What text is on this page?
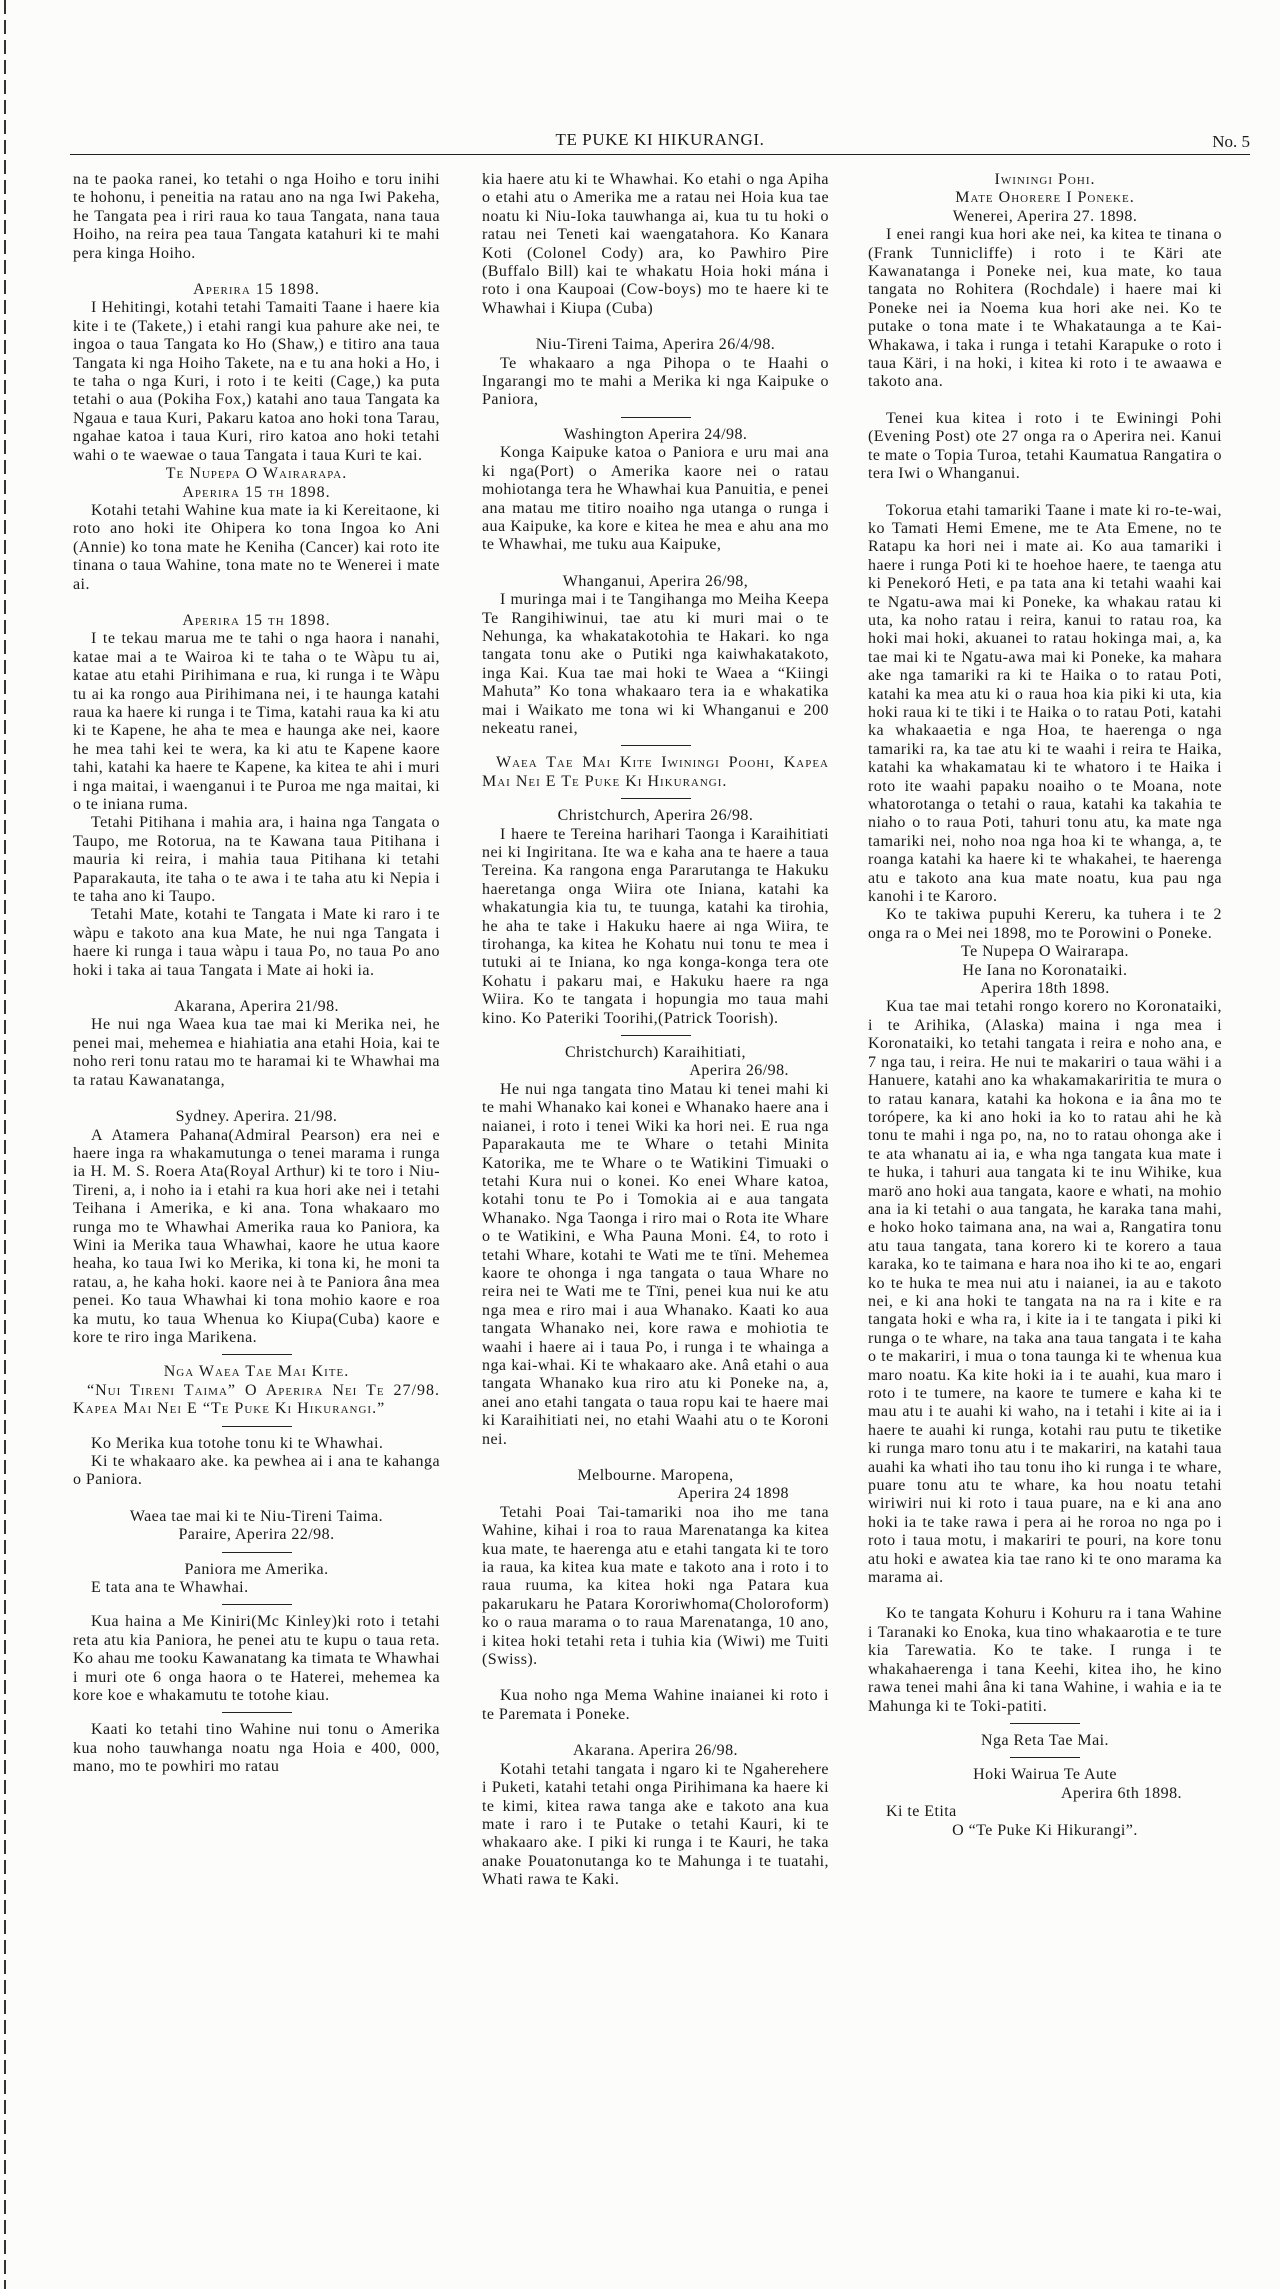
TE PUKE KI HIKURANGI.	No. 5
na te paoka ranei, ko tetahi o nga Hoiho e toru inihi te hohonu, i peneitia na ratau ano na nga Iwi Pakeha, he Tangata pea i riri raua ko taua Tangata, nana taua Hoiho, na reira pea taua Tangata katahuri ki te mahi pera kinga Hoiho.
Aperira 15 1898.
I Hehitingi, kotahi tetahi Tamaiti Taane i haere kia kite i te (Takete,) i etahi rangi kua pahure ake nei, te ingoa o taua Tangata ko Ho (Shaw,) e titiro ana taua Tangata ki nga Hoiho Takete, na e tu ana hoki a Ho, i te taha o nga Kuri, i roto i te keiti (Cage,) ka puta tetahi o aua (Pokiha Fox,) katahi ano taua Tangata ka Ngaua e taua Kuri, Pakaru katoa ano hoki tona Tarau, ngahae katoa i taua Kuri, riro katoa ano hoki tetahi wahi o te waewae o taua Tangata i taua Kuri te kai.
Te Nupepa O Wairarapa.
Aperira 15 th 1898.
Kotahi tetahi Wahine kua mate ia ki Kereitaone, ki roto ano hoki ite Ohipera ko tona Ingoa ko Ani (Annie) ko tona mate he Keniha (Cancer) kai roto ite tinana o taua Wahine, tona mate no te Wenerei i mate ai.
Aperira 15 th 1898.
I te tekau marua me te tahi o nga haora i nanahi, katae mai a te Wairoa ki te taha o te Wàpu tu ai, katae atu etahi Pirihimana e rua, ki runga i te Wàpu tu ai ka rongo aua Pirihimana nei, i te haunga katahi raua ka haere ki runga i te Tima, katahi raua ka ki atu ki te Kapene, he aha te mea e haunga ake nei, kaore he mea tahi kei te wera, ka ki atu te Kapene kaore tahi, katahi ka haere te Kapene, ka kitea te ahi i muri i nga maitai, i waenganui i te Puroa me nga maitai, ki o te iniana ruma.
Tetahi Pitihana i mahia ara, i haina nga Tangata o Taupo, me Rotorua, na te Kawana taua Pitihana i mauria ki reira, i mahia taua Pitihana ki tetahi Paparakauta, ite taha o te awa i te taha atu ki Nepia i te taha ano ki Taupo.
Tetahi Mate, kotahi te Tangata i Mate ki raro i te wàpu e takoto ana kua Mate, he nui nga Tangata i haere ki runga i taua wàpu i taua Po, no taua Po ano hoki i taka ai taua Tangata i Mate ai hoki ia.
Akarana, Aperira 21/98.
He nui nga Waea kua tae mai ki Merika nei, he penei mai, mehemea e hiahiatia ana etahi Hoia, kai te noho reri tonu ratau mo te haramai ki te Whawhai ma ta ratau Kawanatanga,
Sydney. Aperira. 21/98.
A Atamera Pahana(Admiral Pearson) era nei e haere inga ra whakamutunga o tenei marama i runga ia H. M. S. Roera Ata(Royal Arthur) ki te toro i Niu-Tireni, a, i noho ia i etahi ra kua hori ake nei i tetahi Teihana i Amerika, e ki ana. Tona whakaaro mo runga mo te Whawhai Amerika raua ko Paniora, ka Wini ia Merika taua Whawhai, kaore he utua kaore heaha, ko taua Iwi ko Merika, ki tona ki, he moni ta ratau, a, he kaha hoki. kaore nei à te Paniora âna mea penei. Ko taua Whawhai ki tona mohio kaore e roa ka mutu, ko taua Whenua ko Kiupa(Cuba) kaore e kore te riro inga Marikena.
Nga Waea Tae Mai Kite.
“Nui Tireni Taima” O Aperira Nei Te 27/98. Kapea Mai Nei E “Te Puke Ki Hikurangi.”
Ko Merika kua totohe tonu ki te Whawhai.
Ki te whakaaro ake. ka pewhea ai i ana te kahanga o Paniora.
Waea tae mai ki te Niu-Tireni Taima.
Paraire, Aperira 22/98.
Paniora me Amerika.
E tata ana te Whawhai.
Kua haina a Me Kiniri(Mc Kinley)ki roto i tetahi reta atu kia Paniora, he penei atu te kupu o taua reta. Ko ahau me tooku Kawanatang ka timata te Whawhai i muri ote 6 onga haora o te Haterei, mehemea ka kore koe e whakamutu te totohe kiau.
Kaati ko tetahi tino Wahine nui tonu o Amerika kua noho tauwhanga noatu nga Hoia e 400, 000, mano, mo te powhiri mo ratau
kia haere atu ki te Whawhai. Ko etahi o nga Apiha o etahi atu o Amerika me a ratau nei Hoia kua tae noatu ki Niu-Ioka tauwhanga ai, kua tu tu hoki o ratau nei Teneti kai waengatahora. Ko Kanara Koti (Colonel Cody) ara, ko Pawhiro Pire (Buffalo Bill) kai te whakatu Hoia hoki mána i roto i ona Kaupoai (Cow-boys) mo te haere ki te Whawhai i Kiupa (Cuba)
Niu-Tireni Taima, Aperira 26/4/98.
Te whakaaro a nga Pihopa o te Haahi o Ingarangi mo te mahi a Merika ki nga Kaipuke o Paniora,
Washington Aperira 24/98.
Konga Kaipuke katoa o Paniora e uru mai ana ki nga(Port) o Amerika kaore nei o ratau mohiotanga tera he Whawhai kua Panuitia, e penei ana matau me titiro noaiho nga utanga o runga i aua Kaipuke, ka kore e kitea he mea e ahu ana mo te Whawhai, me tuku aua Kaipuke,
Whanganui, Aperira 26/98,
I muringa mai i te Tangihanga mo Meiha Keepa Te Rangihiwinui, tae atu ki muri mai o te Nehunga, ka whakatakotohia te Hakari. ko nga tangata tonu ake o Putiki nga kaiwhakatakoto, inga Kai. Kua tae mai hoki te Waea a “Kiingi Mahuta” Ko tona whakaaro tera ia e whakatika mai i Waikato me tona wi ki Whanganui e 200 nekeatu ranei,
Waea Tae Mai Kite Iwiningi Poohi, Kapea Mai Nei E Te Puke Ki Hikurangi.
Christchurch, Aperira 26/98.
I haere te Tereina harihari Taonga i Karaihitiati nei ki Ingiritana. Ite wa e kaha ana te haere a taua Tereina. Ka rangona enga Pararutanga te Hakuku haeretanga onga Wiira ote Iniana, katahi ka whakatungia kia tu, te tuunga, katahi ka tirohia, he aha te take i Hakuku haere ai nga Wiira, te tirohanga, ka kitea he Kohatu nui tonu te mea i tutuki ai te Iniana, ko nga konga-konga tera ote Kohatu i pakaru mai, e Hakuku haere ra nga Wiira. Ko te tangata i hopungia mo taua mahi kino. Ko Pateriki Toorihi,(Patrick Toorish).
Christchurch) Karaihitiati,
Aperira 26/98.
He nui nga tangata tino Matau ki tenei mahi ki te mahi Whanako kai konei e Whanako haere ana i naianei, i roto i tenei Wiki ka hori nei. E rua nga Paparakauta me te Whare o tetahi Minita Katorika, me te Whare o te Watikini Timuaki o tetahi Kura nui o konei. Ko enei Whare katoa, kotahi tonu te Po i Tomokia ai e aua tangata Whanako. Nga Taonga i riro mai o Rota ite Whare o te Watikini, e Wha Pauna Moni. £4, to roto i tetahi Whare, kotahi te Wati me te tïni. Mehemea kaore te ohonga i nga tangata o taua Whare no reira nei te Wati me te Tïni, penei kua nui ke atu nga mea e riro mai i aua Whanako. Kaati ko aua tangata Whanako nei, kore rawa e mohiotia te waahi i haere ai i taua Po, i runga i te whainga a nga kai-whai. Ki te whakaaro ake. Anâ etahi o aua tangata Whanako kua riro atu ki Poneke na, a, anei ano etahi tangata o taua ropu kai te haere mai ki Karaihitiati nei, no etahi Waahi atu o te Koroni nei.
Melbourne. Maropena,
Aperira 24 1898
Tetahi Poai Tai-tamariki noa iho me tana Wahine, kihai i roa to raua Marenatanga ka kitea kua mate, te haerenga atu e etahi tangata ki te toro ia raua, ka kitea kua mate e takoto ana i roto i to raua ruuma, ka kitea hoki nga Patara kua pakarukaru he Patara Kororiwhoma(Choloroform) ko o raua marama o to raua Marenatanga, 10 ano, i kitea hoki tetahi reta i tuhia kia (Wiwi) me Tuiti (Swiss).
Kua noho nga Mema Wahine inaianei ki roto i te Paremata i Poneke.
Akarana. Aperira 26/98.
Kotahi tetahi tangata i ngaro ki te Ngaherehere i Puketi, katahi tetahi onga Pirihimana ka haere ki te kimi, kitea rawa tanga ake e takoto ana kua mate i raro i te Putake o tetahi Kauri, ki te whakaaro ake. I piki ki runga i te Kauri, he taka anake Pouatonutanga ko te Mahunga i te tuatahi, Whati rawa te Kaki.
Iwiningi Pohi.
Mate Ohorere I Poneke.
Wenerei, Aperira 27. 1898.
I enei rangi kua hori ake nei, ka kitea te tinana o (Frank Tunnicliffe) i roto i te Käri ate Kawanatanga i Poneke nei, kua mate, ko taua tangata no Rohitera (Rochdale) i haere mai ki Poneke nei ia Noema kua hori ake nei. Ko te putake o tona mate i te Whakataunga a te Kai-Whakawa, i taka i runga i tetahi Karapuke o roto i taua Käri, i na hoki, i kitea ki roto i te awaawa e takoto ana.
Tenei kua kitea i roto i te Ewiningi Pohi (Evening Post) ote 27 onga ra o Aperira nei. Kanui te mate o Topia Turoa, tetahi Kaumatua Rangatira o tera Iwi o Whanganui.
Tokorua etahi tamariki Taane i mate ki ro-te-wai, ko Tamati Hemi Emene, me te Ata Emene, no te Ratapu ka hori nei i mate ai. Ko aua tamariki i haere i runga Poti ki te hoehoe haere, te taenga atu ki Penekoró Heti, e pa tata ana ki tetahi waahi kai te Ngatu-awa mai ki Poneke, ka whakau ratau ki uta, ka noho ratau i reira, kanui to ratau roa, ka hoki mai hoki, akuanei to ratau hokinga mai, a, ka tae mai ki te Ngatu-awa mai ki Poneke, ka mahara ake nga tamariki ra ki te Haika o to ratau Poti, katahi ka mea atu ki o raua hoa kia piki ki uta, kia hoki raua ki te tiki i te Haika o to ratau Poti, katahi ka whakaaetia e nga Hoa, te haerenga o nga tamariki ra, ka tae atu ki te waahi i reira te Haika, katahi ka whakamatau ki te whatoro i te Haika i roto ite waahi papaku noaiho o te Moana, note whatorotanga o tetahi o raua, katahi ka takahia te niaho o to raua Poti, tahuri tonu atu, ka mate nga tamariki nei, noho noa nga hoa ki te whanga, a, te roanga katahi ka haere ki te whakahei, te haerenga atu e takoto ana kua mate noatu, kua pau nga kanohi i te Karoro.
Ko te takiwa pupuhi Kereru, ka tuhera i te 2 onga ra o Mei nei 1898, mo te Porowini o Poneke.
Te Nupepa O Wairarapa.
He Iana no Koronataiki.
Aperira 18th 1898.
Kua tae mai tetahi rongo korero no Koronataiki, i te Arihika, (Alaska) maina i nga mea i Koronataiki, ko tetahi tangata i reira e noho ana, e 7 nga tau, i reira. He nui te makariri o taua wähi i a Hanuere, katahi ano ka whakamakariritia te mura o to ratau kanara, katahi ka hokona e ia âna mo te torópere, ka ki ano hoki ia ko to ratau ahi he kà tonu te mahi i nga po, na, no to ratau ohonga ake i te ata whanatu ai ia, e wha nga tangata kua mate i te huka, i tahuri aua tangata ki te inu Wihike, kua marö ano hoki aua tangata, kaore e whati, na mohio ana ia ki tetahi o aua tangata, he karaka tana mahi, e hoko hoko taimana ana, na wai a, Rangatira tonu atu taua tangata, tana korero ki te korero a taua karaka, ko te taimana e hara noa iho ki te ao, engari ko te huka te mea nui atu i naianei, ia au e takoto nei, e ki ana hoki te tangata na na ra i kite e ra tangata hoki e wha ra, i kite ia i te tangata i piki ki runga o te whare, na taka ana taua tangata i te kaha o te makariri, i mua o tona taunga ki te whenua kua maro noatu. Ka kite hoki ia i te auahi, kua maro i roto i te tumere, na kaore te tumere e kaha ki te mau atu i te auahi ki waho, na i tetahi i kite ai ia i haere te auahi ki runga, kotahi rau putu te tiketike ki runga maro tonu atu i te makariri, na katahi taua auahi ka whati iho tau tonu iho ki runga i te whare, puare tonu atu te whare, ka hou noatu tetahi wiriwiri nui ki roto i taua puare, na e ki ana ano hoki ia te take rawa i pera ai he roroa no nga po i roto i taua motu, i makariri te pouri, na kore tonu atu hoki e awatea kia tae rano ki te ono marama ka marama ai.
Ko te tangata Kohuru i Kohuru ra i tana Wahine i Taranaki ko Enoka, kua tino whakaarotia e te ture kia Tarewatia. Ko te take. I runga i te whakahaerenga i tana Keehi, kitea iho, he kino rawa tenei mahi âna ki tana Wahine, i wahia e ia te Mahunga ki te Toki-patiti.
Nga Reta Tae Mai.
Hoki Wairua Te Aute
Aperira 6th 1898.
Ki te Etita
O “Te Puke Ki Hikurangi”.
